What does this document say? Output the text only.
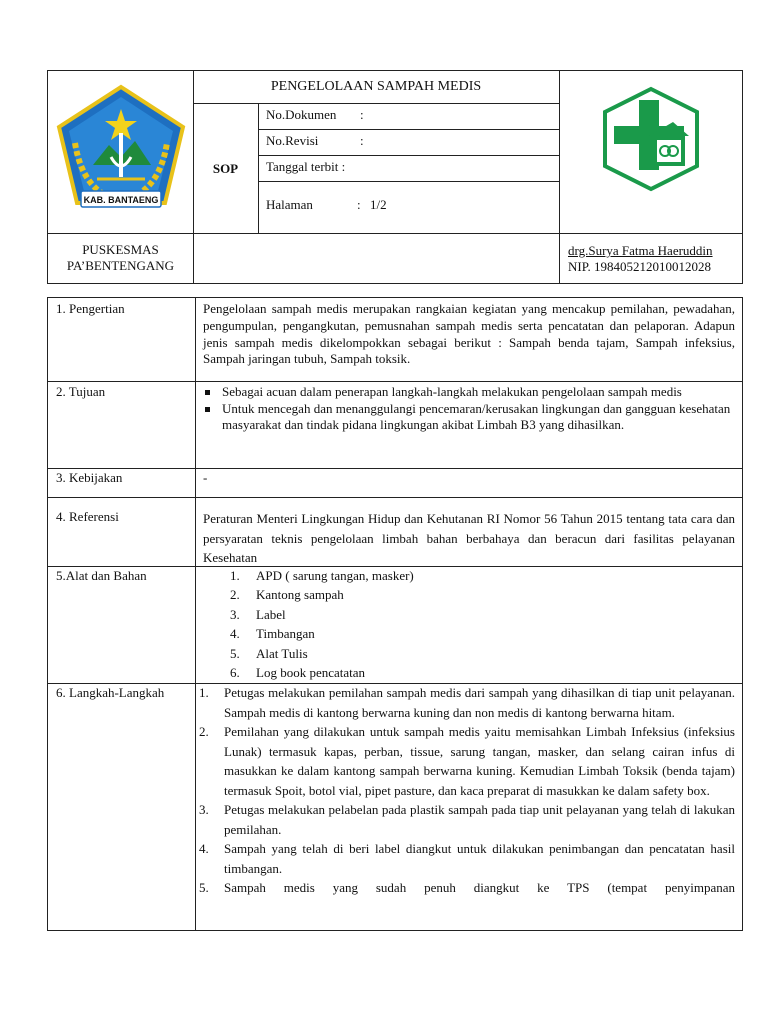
KAB. BANTAENG
PENGELOLAAN SAMPAH MEDIS
SOP
No.Dokumen :
No.Revisi	:
Tanggal terbit :
Halaman	: 1/2
PUSKESMAS
PA’BENTENGANG
drg.Surya Fatma Haeruddin
NIP. 198405212010012028
1. Pengertian	Pengelolaan sampah medis merupakan rangkaian kegiatan yang mencakup pemilahan, pewadahan, pengumpulan, pengangkutan, pemusnahan sampah medis serta pencatatan dan pelaporan. Adapun jenis sampah medis dikelompokkan sebagai berikut : Sampah benda tajam, Sampah infeksius, Sampah jaringan tubuh, Sampah toksik.
2. Tujuan	Sebagai acuan dalam penerapan langkah-langkah melakukan pengelolaan sampah medis
Untuk mencegah dan menanggulangi pencemaran/kerusakan lingkungan dan gangguan kesehatan masyarakat dan tindak pidana lingkungan akibat Limbah B3 yang dihasilkan.
3. Kebijakan	-
4. Referensi	Peraturan Menteri Lingkungan Hidup dan Kehutanan RI Nomor 56 Tahun 2015 tentang tata cara dan persyaratan teknis pengelolaan limbah bahan berbahaya dan beracun dari fasilitas pelayanan Kesehatan
5.Alat dan Bahan	1. APD ( sarung tangan, masker)
2. Kantong sampah
3. Label
4. Timbangan
5. Alat Tulis
6. Log book pencatatan
6. Langkah-Langkah	1. Petugas melakukan pemilahan sampah medis dari sampah yang dihasilkan di tiap unit pelayanan. Sampah medis di kantong berwarna kuning dan non medis di kantong berwarna hitam.
2. Pemilahan yang dilakukan untuk sampah medis yaitu memisahkan Limbah Infeksius (infeksius Lunak) termasuk kapas, perban, tissue, sarung tangan, masker, dan selang cairan infus di masukkan ke dalam kantong sampah berwarna kuning. Kemudian Limbah Toksik (benda tajam) termasuk Spoit, botol vial, pipet pasture, dan kaca preparat di masukkan ke dalam safety box.
3. Petugas melakukan pelabelan pada plastik sampah pada tiap unit pelayanan yang telah di lakukan pemilahan.
4. Sampah yang telah di beri label diangkut untuk dilakukan penimbangan dan pencatatan hasil timbangan.
5. Sampah medis yang sudah penuh diangkut ke TPS (tempat penyimpanan
